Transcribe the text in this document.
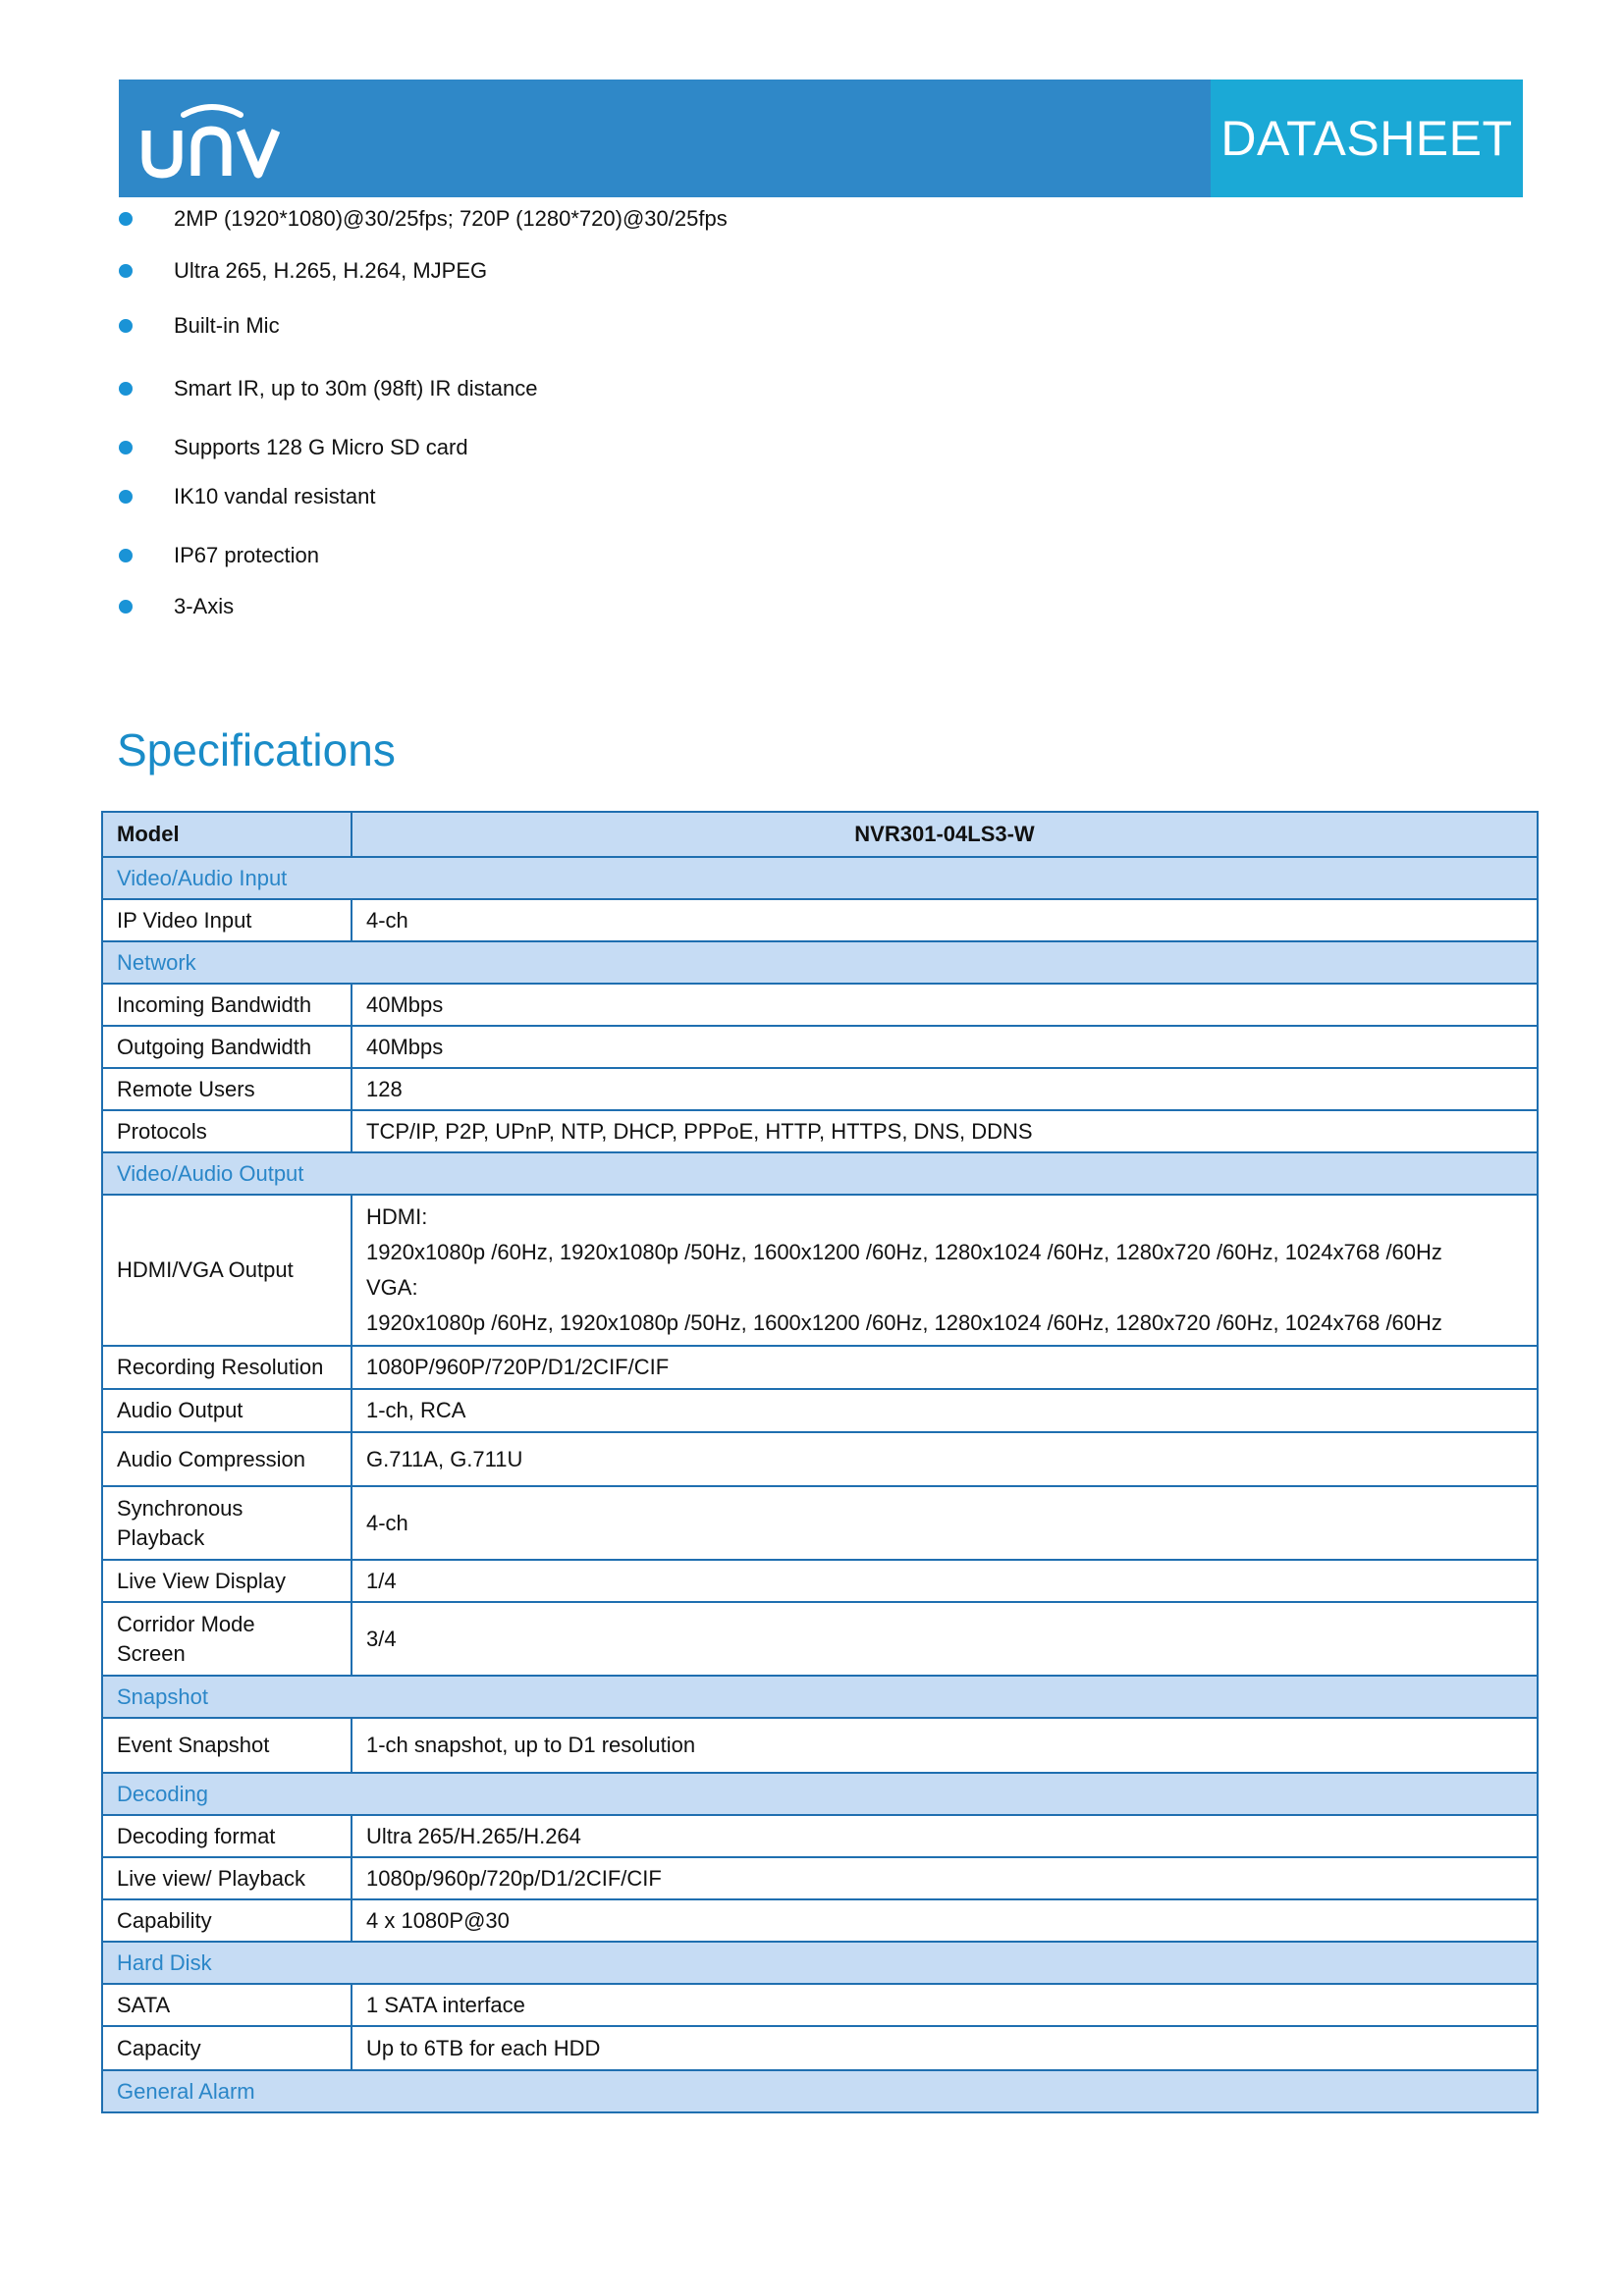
DATASHEET
2MP (1920*1080)@30/25fps; 720P (1280*720)@30/25fps
Ultra 265, H.265, H.264, MJPEG
Built-in Mic
Smart IR, up to 30m (98ft) IR distance
Supports 128 G Micro SD card
IK10 vandal resistant
IP67 protection
3-Axis
Specifications
Model	NVR301-04LS3-W
Video/Audio Input	
IP Video Input	4-ch
Network	
Incoming Bandwidth	40Mbps
Outgoing Bandwidth	40Mbps
Remote Users	128
Protocols	TCP/IP, P2P, UPnP, NTP, DHCP, PPPoE, HTTP, HTTPS, DNS, DDNS
Video/Audio Output	
HDMI/VGA Output	HDMI:
1920x1080p /60Hz, 1920x1080p /50Hz, 1600x1200 /60Hz, 1280x1024 /60Hz, 1280x720 /60Hz, 1024x768 /60Hz
VGA:
1920x1080p /60Hz, 1920x1080p /50Hz, 1600x1200 /60Hz, 1280x1024 /60Hz, 1280x720 /60Hz, 1024x768 /60Hz

Recording Resolution	1080P/960P/720P/D1/2CIF/CIF
Audio Output	1-ch, RCA
Audio Compression	G.711A, G.711U

Synchronous
Playback	4-ch
Live View Display	1/4

Corridor Mode
Screen	3/4
Snapshot	
Event Snapshot	1-ch snapshot, up to D1 resolution
Decoding	
Decoding format	Ultra 265/H.265/H.264
Live view/ Playback	1080p/960p/720p/D1/2CIF/CIF
Capability	4 x 1080P@30
Hard Disk	
SATA	1 SATA interface
Capacity	Up to 6TB for each HDD
General Alarm	
